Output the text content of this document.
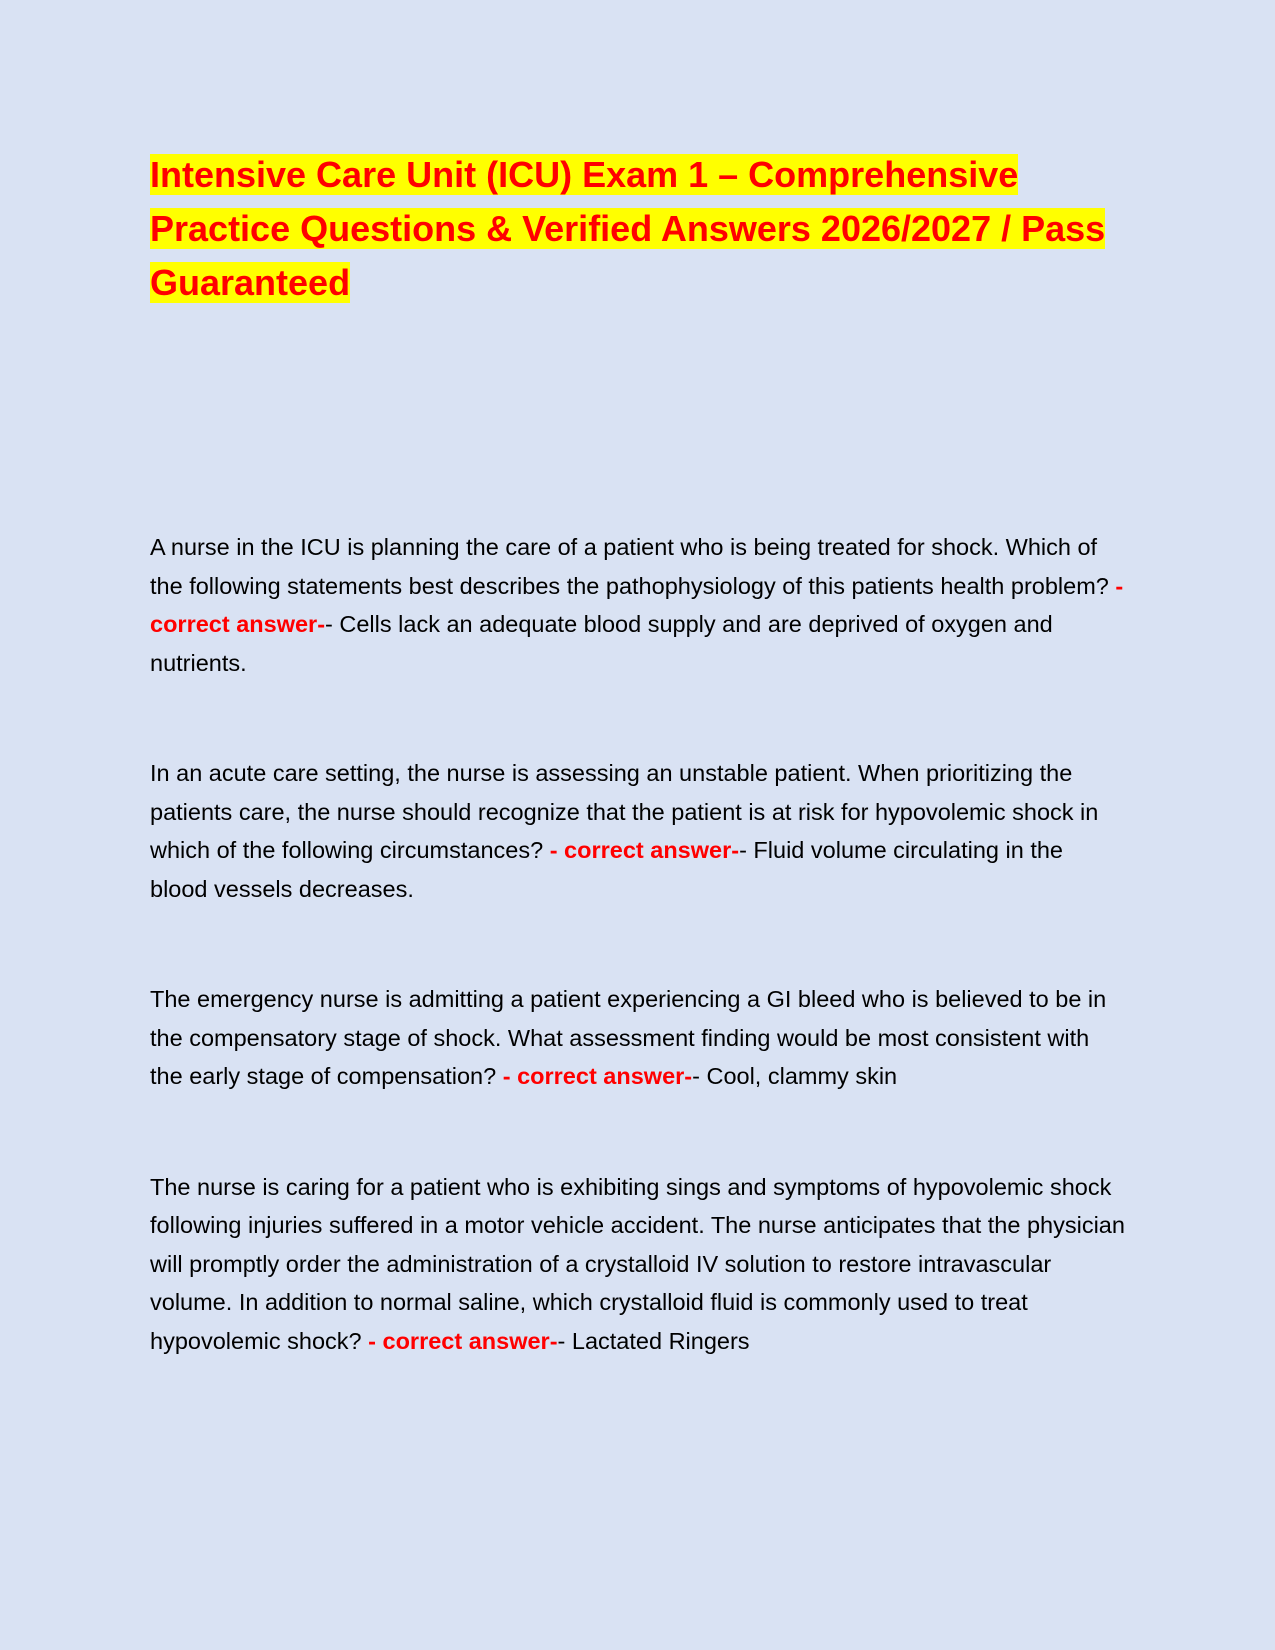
Intensive Care Unit (ICU) Exam 1 – Comprehensive Practice Questions & Verified Answers 2026/2027 / Pass Guaranteed

A nurse in the ICU is planning the care of a patient who is being treated for shock. Which of the following statements best describes the pathophysiology of this patients health problem? - correct answer-- Cells lack an adequate blood supply and are deprived of oxygen and nutrients.

In an acute care setting, the nurse is assessing an unstable patient. When prioritizing the patients care, the nurse should recognize that the patient is at risk for hypovolemic shock in which of the following circumstances? - correct answer-- Fluid volume circulating in the blood vessels decreases.

The emergency nurse is admitting a patient experiencing a GI bleed who is believed to be in the compensatory stage of shock. What assessment finding would be most consistent with the early stage of compensation? - correct answer-- Cool, clammy skin

The nurse is caring for a patient who is exhibiting sings and symptoms of hypovolemic shock following injuries suffered in a motor vehicle accident. The nurse anticipates that the physician will promptly order the administration of a crystalloid IV solution to restore intravascular volume. In addition to normal saline, which crystalloid fluid is commonly used to treat hypovolemic shock? - correct answer-- Lactated Ringers
